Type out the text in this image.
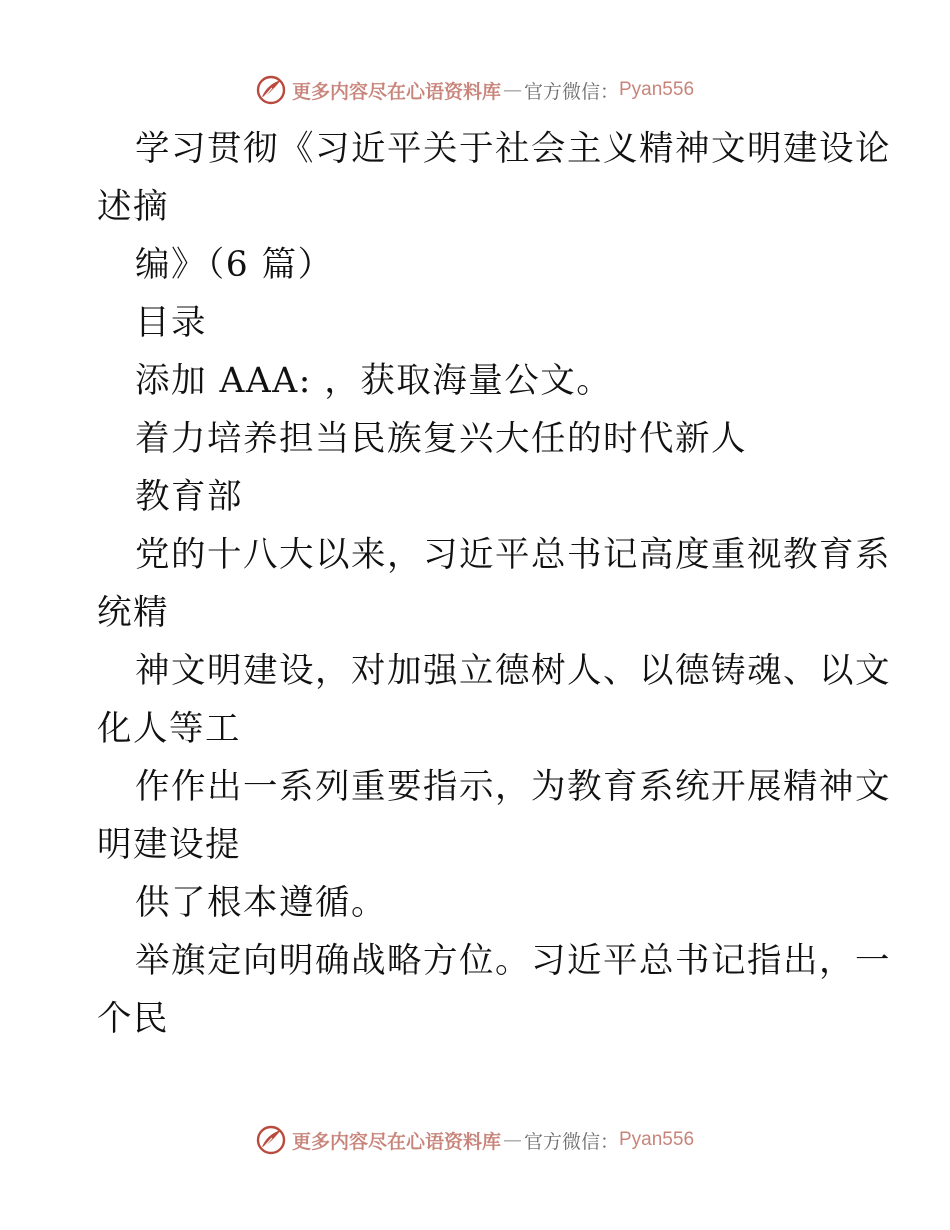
更多内容尽在心语资料库 — 官方微信： Pyan556
学习贯彻《习近平关于社会主义精神文明建设论
述摘
编》（6 篇）
目录
添加 AAA: ，获取海量公文。
着力培养担当民族复兴大任的时代新人
教育部
党的十八大以来，习近平总书记高度重视教育系
统精
神文明建设，对加强立德树人、以德铸魂、以文
化人等工
作作出一系列重要指示，为教育系统开展精神文
明建设提
供了根本遵循。
举旗定向明确战略方位。习近平总书记指出，一
个民
更多内容尽在心语资料库 — 官方微信： Pyan556
